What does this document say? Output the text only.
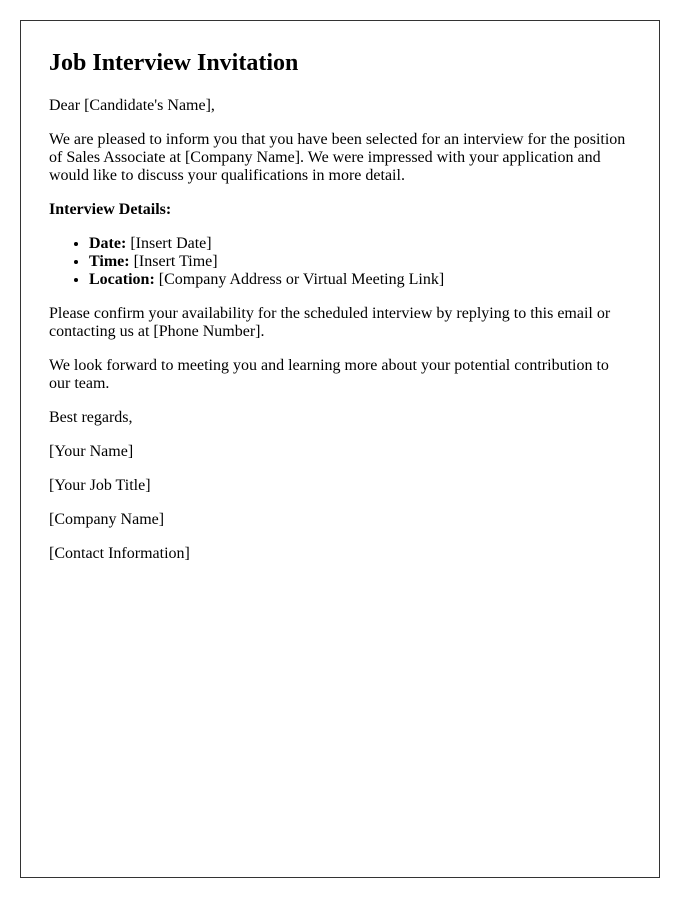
Job Interview Invitation

Dear [Candidate's Name],

We are pleased to inform you that you have been selected for an interview for the position of Sales Associate at [Company Name]. We were impressed with your application and would like to discuss your qualifications in more detail.

Interview Details:

• Date: [Insert Date]
• Time: [Insert Time]
• Location: [Company Address or Virtual Meeting Link]

Please confirm your availability for the scheduled interview by replying to this email or contacting us at [Phone Number].

We look forward to meeting you and learning more about your potential contribution to our team.

Best regards,

[Your Name]

[Your Job Title]

[Company Name]

[Contact Information]
